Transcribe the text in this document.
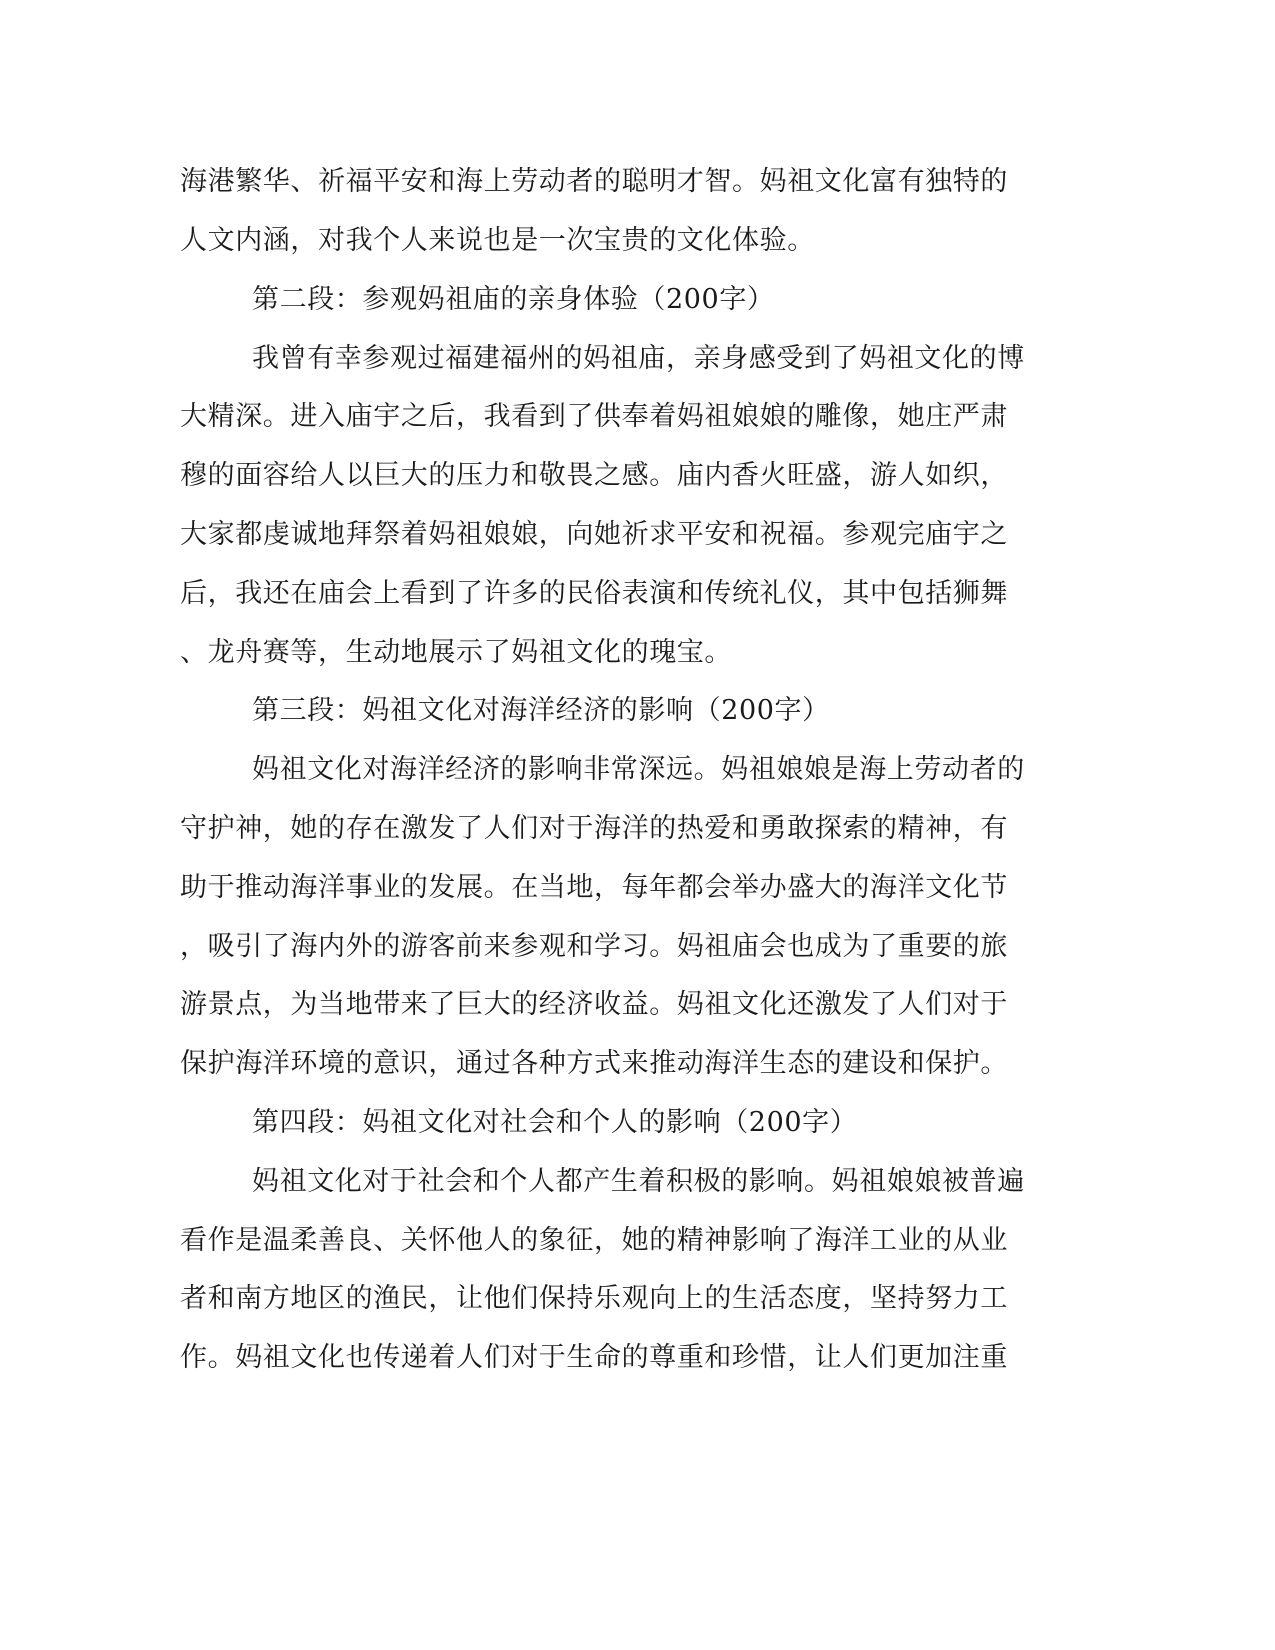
海港繁华、祈福平安和海上劳动者的聪明才智。妈祖文化富有独特的
人文内涵，对我个人来说也是一次宝贵的文化体验。
第二段：参观妈祖庙的亲身体验（200字）
我曾有幸参观过福建福州的妈祖庙，亲身感受到了妈祖文化的博
大精深。进入庙宇之后，我看到了供奉着妈祖娘娘的雕像，她庄严肃
穆的面容给人以巨大的压力和敬畏之感。庙内香火旺盛，游人如织，
大家都虔诚地拜祭着妈祖娘娘，向她祈求平安和祝福。参观完庙宇之
后，我还在庙会上看到了许多的民俗表演和传统礼仪，其中包括狮舞
、龙舟赛等，生动地展示了妈祖文化的瑰宝。
第三段：妈祖文化对海洋经济的影响（200字）
妈祖文化对海洋经济的影响非常深远。妈祖娘娘是海上劳动者的
守护神，她的存在激发了人们对于海洋的热爱和勇敢探索的精神，有
助于推动海洋事业的发展。在当地，每年都会举办盛大的海洋文化节
，吸引了海内外的游客前来参观和学习。妈祖庙会也成为了重要的旅
游景点，为当地带来了巨大的经济收益。妈祖文化还激发了人们对于
保护海洋环境的意识，通过各种方式来推动海洋生态的建设和保护。
第四段：妈祖文化对社会和个人的影响（200字）
妈祖文化对于社会和个人都产生着积极的影响。妈祖娘娘被普遍
看作是温柔善良、关怀他人的象征，她的精神影响了海洋工业的从业
者和南方地区的渔民，让他们保持乐观向上的生活态度，坚持努力工
作。妈祖文化也传递着人们对于生命的尊重和珍惜，让人们更加注重
